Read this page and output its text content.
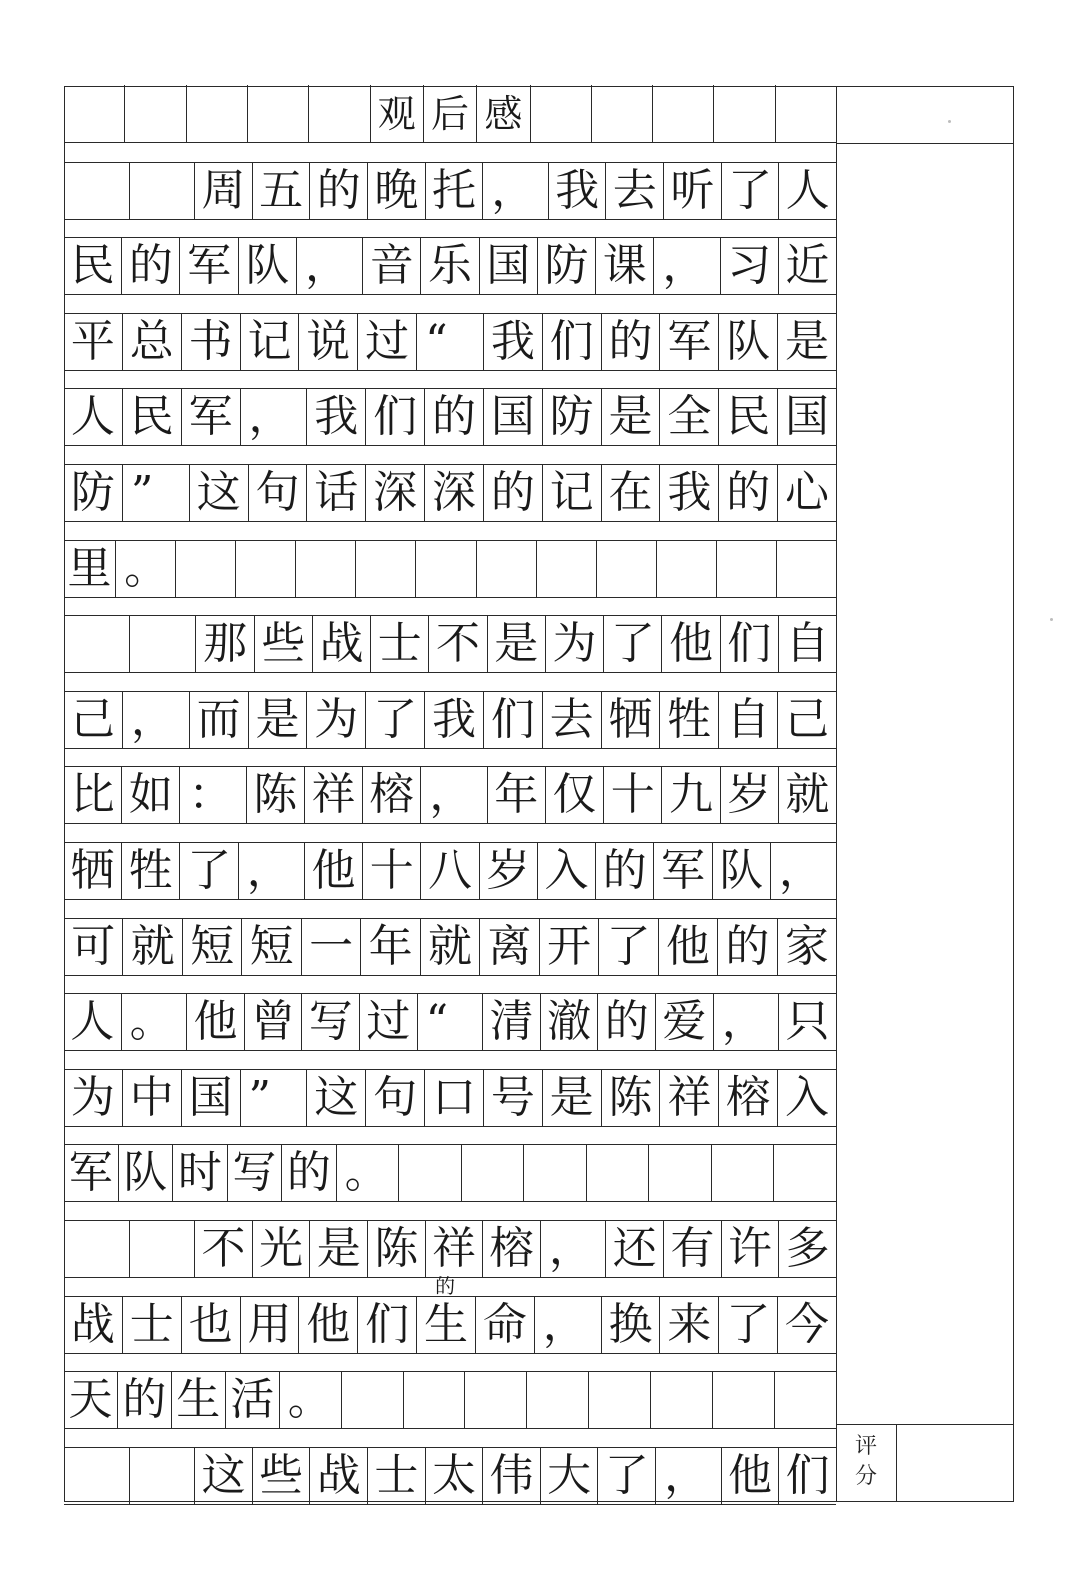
观 后 感
周 五 的 晚 托 ， 我 去 听 了 人
民 的 军 队 ， 音 乐 国 防 课 ， 习 近
平 总 书 记 说 过 “ 我 们 的 军 队 是
人 民 军 ， 我 们 的 国 防 是 全 民 国
防 ” 这 句 话 深 深 的 记 在 我 的 心
里 。
那 些 战 士 不 是 为 了 他 们 自
己 ， 而 是 为 了 我 们 去 牺 牲 自 己
比 如 ： 陈 祥 榕 ， 年 仅 十 九 岁 就
牺 牲 了 ， 他 十 八 岁 入 的 军 队 ，
可 就 短 短 一 年 就 离 开 了 他 的 家
人 。 他 曾 写 过 “ 清 澈 的 爱 ， 只
为 中 国 ” 这 句 口 号 是 陈 祥 榕 入
军 队 时 写 的 。
不 光 是 陈 祥 榕 ， 还 有 许 多
战 士 也 用 他 们 生 命 ， 换 来 了 今
天 的 生 活 。
这 些 战 士 太 伟 大 了 ， 他 们
评
分
的
